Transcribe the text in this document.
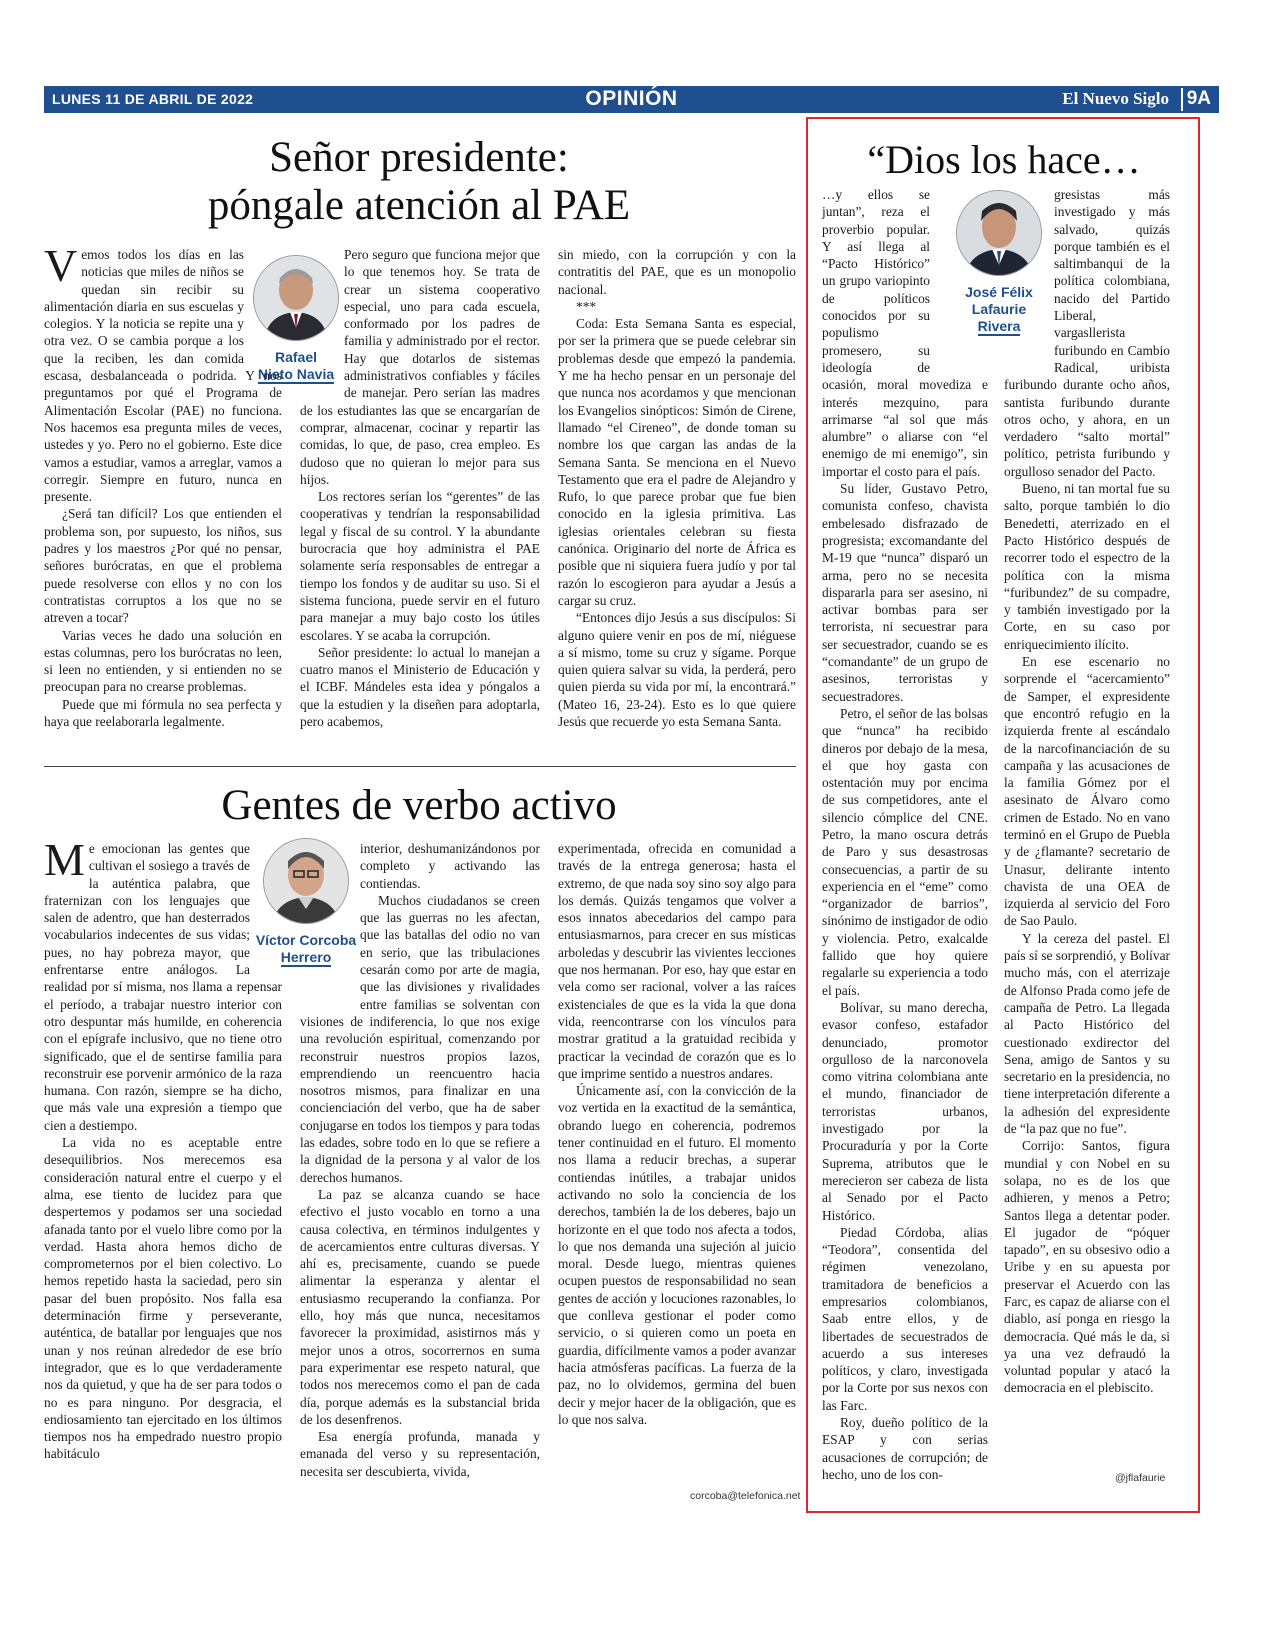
LUNES 11 DE ABRIL DE 2022	OPINIÓN	El Nuevo Siglo 9A
Señor presidente:
póngale atención al PAE
Rafael
Nieto Navia

Vemos todos los días en las noticias que miles de niños se quedan sin recibir su alimentación diaria en sus escuelas y colegios. Y la noticia se repite una y otra vez. O se cambia porque a los que la reciben, les dan comida escasa, desbalanceada o podrida. Y nos preguntamos por qué el Programa de Alimentación Escolar (PAE) no funciona. Nos hacemos esa pregunta miles de veces, ustedes y yo. Pero no el gobierno. Este dice vamos a estudiar, vamos a arreglar, vamos a corregir. Siempre en futuro, nunca en presente.

¿Será tan difícil? Los que entienden el problema son, por supuesto, los niños, sus padres y los maestros ¿Por qué no pensar, señores burócratas, en que el problema puede resolverse con ellos y no con los contratistas corruptos a los que no se atreven a tocar?

Varias veces he dado una solución en estas columnas, pero los burócratas no leen, si leen no entienden, y si entienden no se preocupan para no crearse problemas.

Puede que mi fórmula no sea perfecta y haya que reelaborarla legalmente.

Pero seguro que funciona mejor que lo que tenemos hoy. Se trata de crear un sistema cooperativo especial, uno para cada escuela, conformado por los padres de familia y administrado por el rector. Hay que dotarlos de sistemas administrativos confiables y fáciles de manejar. Pero serían las madres de los estudiantes las que se encargarían de comprar, almacenar, cocinar y repartir las comidas, lo que, de paso, crea empleo. Es dudoso que no quieran lo mejor para sus hijos.

Los rectores serían los “gerentes” de las cooperativas y tendrían la responsabilidad legal y fiscal de su control. Y la abundante burocracia que hoy administra el PAE solamente sería responsables de entregar a tiempo los fondos y de auditar su uso. Si el sistema funciona, puede servir en el futuro para manejar a muy bajo costo los útiles escolares. Y se acaba la corrupción.

Señor presidente: lo actual lo manejan a cuatro manos el Ministerio de Educación y el ICBF. Mándeles esta idea y póngalos a que la estudien y la diseñen para adoptarla, pero acabemos,

sin miedo, con la corrupción y con la contratitis del PAE, que es un monopolio nacional.

***

Coda: Esta Semana Santa es especial, por ser la primera que se puede celebrar sin problemas desde que empezó la pandemia. Y me ha hecho pensar en un personaje del que nunca nos acordamos y que mencionan los Evangelios sinópticos: Simón de Cirene, llamado “el Cireneo”, de donde toman su nombre los que cargan las andas de la Semana Santa. Se menciona en el Nuevo Testamento que era el padre de Alejandro y Rufo, lo que parece probar que fue bien conocido en la iglesia primitiva. Las iglesias orientales celebran su fiesta canónica. Originario del norte de África es posible que ni siquiera fuera judío y por tal razón lo escogieron para ayudar a Jesús a cargar su cruz.

“Entonces dijo Jesús a sus discípulos: Si alguno quiere venir en pos de mí, niéguese a sí mismo, tome su cruz y sígame. Porque quien quiera salvar su vida, la perderá, pero quien pierda su vida por mí, la encontrará.” (Mateo 16, 23-24). Esto es lo que quiere Jesús que recuerde yo esta Semana Santa.

Gentes de verbo activo
Víctor Corcoba
Herrero

Me emocionan las gentes que cultivan el sosiego a través de la auténtica palabra, que fraternizan con los lenguajes que salen de adentro, que han desterrados vocabularios indecentes de sus vidas; pues, no hay pobreza mayor, que enfrentarse entre análogos. La realidad por sí misma, nos llama a repensar el período, a trabajar nuestro interior con otro despuntar más humilde, en coherencia con el epígrafe inclusivo, que no tiene otro significado, que el de sentirse familia para reconstruir ese porvenir armónico de la raza humana. Con razón, siempre se ha dicho, que más vale una expresión a tiempo que cien a destiempo.

La vida no es aceptable entre desequilibrios. Nos merecemos esa consideración natural entre el cuerpo y el alma, ese tiento de lucidez para que despertemos y podamos ser una sociedad afanada tanto por el vuelo libre como por la verdad. Hasta ahora hemos dicho de comprometernos por el bien colectivo. Lo hemos repetido hasta la saciedad, pero sin pasar del buen propósito. Nos falla esa determinación firme y perseverante, auténtica, de batallar por lenguajes que nos unan y nos reúnan alrededor de ese brío integrador, que es lo que verdaderamente nos da quietud, y que ha de ser para todos o no es para ninguno. Por desgracia, el endiosamiento tan ejercitado en los últimos tiempos nos ha empedrado nuestro propio habitáculo

interior, deshumanizándonos por completo y activando las contiendas.

Muchos ciudadanos se creen que las guerras no les afectan, que las batallas del odio no van en serio, que las tribulaciones cesarán como por arte de magia, que las divisiones y rivalidades entre familias se solventan con visiones de indiferencia, lo que nos exige una revolución espiritual, comenzando por reconstruir nuestros propios lazos, emprendiendo un reencuentro hacia nosotros mismos, para finalizar en una concienciación del verbo, que ha de saber conjugarse en todos los tiempos y para todas las edades, sobre todo en lo que se refiere a la dignidad de la persona y al valor de los derechos humanos.

La paz se alcanza cuando se hace efectivo el justo vocablo en torno a una causa colectiva, en términos indulgentes y de acercamientos entre culturas diversas. Y ahí es, precisamente, cuando se puede alimentar la esperanza y alentar el entusiasmo recuperando la confianza. Por ello, hoy más que nunca, necesitamos favorecer la proximidad, asistirnos más y mejor unos a otros, socorrernos en suma para experimentar ese respeto natural, que todos nos merecemos como el pan de cada día, porque además es la substancial brida de los desenfrenos.

Esa energía profunda, manada y emanada del verso y su representación, necesita ser descubierta, vivida,

experimentada, ofrecida en comunidad a través de la entrega generosa; hasta el extremo, de que nada soy sino soy algo para los demás. Quizás tengamos que volver a esos innatos abecedarios del campo para entusiasmarnos, para crecer en sus místicas arboledas y descubrir las vivientes lecciones que nos hermanan. Por eso, hay que estar en vela como ser racional, volver a las raíces existenciales de que es la vida la que dona vida, reencontrarse con los vínculos para mostrar gratitud a la gratuidad recibida y practicar la vecindad de corazón que es lo que imprime sentido a nuestros andares.

Únicamente así, con la convicción de la voz vertida en la exactitud de la semántica, obrando luego en coherencia, podremos tener continuidad en el futuro. El momento nos llama a reducir brechas, a superar contiendas inútiles, a trabajar unidos activando no solo la conciencia de los derechos, también la de los deberes, bajo un horizonte en el que todo nos afecta a todos, lo que nos demanda una sujeción al juicio moral. Desde luego, mientras quienes ocupen puestos de responsabilidad no sean gentes de acción y locuciones razonables, lo que conlleva gestionar el poder como servicio, o si quieren como un poeta en guardia, difícilmente vamos a poder avanzar hacia atmósferas pacíficas. La fuerza de la paz, no lo olvidemos, germina del buen decir y mejor hacer de la obligación, que es lo que nos salva.

corcoba@telefonica.net
“Dios los hace…
José Félix
Lafaurie
Rivera

…y ellos se juntan”, reza el proverbio popular. Y así llega al “Pacto Histórico” un grupo variopinto de políticos conocidos por su populismo promesero, su ideología de ocasión, moral movediza e interés mezquino, para arrimarse “al sol que más alumbre” o aliarse con “el enemigo de mi enemigo”, sin importar el costo para el país.

Su líder, Gustavo Petro, comunista confeso, chavista embelesado disfrazado de progresista; excomandante del M-19 que “nunca” disparó un arma, pero no se necesita dispararla para ser asesino, ni activar bombas para ser terrorista, ni secuestrar para ser secuestrador, cuando se es “comandante” de un grupo de asesinos, terroristas y secuestradores.

Petro, el señor de las bolsas que “nunca” ha recibido dineros por debajo de la mesa, el que hoy gasta con ostentación muy por encima de sus competidores, ante el silencio cómplice del CNE. Petro, la mano oscura detrás de Paro y sus desastrosas consecuencias, a partir de su experiencia en el “eme” como “organizador de barrios”, sinónimo de instigador de odio y violencia. Petro, exalcalde fallido que hoy quiere regalarle su experiencia a todo el país.

Bolívar, su mano derecha, evasor confeso, estafador denunciado, promotor orgulloso de la narconovela como vitrina colombiana ante el mundo, financiador de terroristas urbanos, investigado por la Procuraduría y por la Corte Suprema, atributos que le merecieron ser cabeza de lista al Senado por el Pacto Histórico.

Piedad Córdoba, alias “Teodora”, consentida del régimen venezolano, tramitadora de beneficios a empresarios colombianos, Saab entre ellos, y de libertades de secuestrados de acuerdo a sus intereses políticos, y claro, investigada por la Corte por sus nexos con las Farc.

Roy, dueño político de la ESAP y con serias acusaciones de corrupción; de hecho, uno de los con-

gresistas más investigado y más salvado, quizás porque también es el saltimbanqui de la política colombiana, nacido del Partido Liberal, vargasllerista furibundo en Cambio Radical, uribista furibundo durante ocho años, santista furibundo durante otros ocho, y ahora, en un verdadero “salto mortal” político, petrista furibundo y orgulloso senador del Pacto.

Bueno, ni tan mortal fue su salto, porque también lo dio Benedetti, aterrizado en el Pacto Histórico después de recorrer todo el espectro de la política con la misma “furibundez” de su compadre, y también investigado por la Corte, en su caso por enriquecimiento ilícito.

En ese escenario no sorprende el “acercamiento” de Samper, el expresidente que encontró refugio en la izquierda frente al escándalo de la narcofinanciación de su campaña y las acusaciones de la familia Gómez por el asesinato de Álvaro como crimen de Estado. No en vano terminó en el Grupo de Puebla y de ¿flamante? secretario de Unasur, delirante intento chavista de una OEA de izquierda al servicio del Foro de Sao Paulo.

Y la cereza del pastel. El país sí se sorprendió, y Bolívar mucho más, con el aterrizaje de Alfonso Prada como jefe de campaña de Petro. La llegada al Pacto Histórico del cuestionado exdirector del Sena, amigo de Santos y su secretario en la presidencia, no tiene interpretación diferente a la adhesión del expresidente de “la paz que no fue”.

Corrijo: Santos, figura mundial y con Nobel en su solapa, no es de los que adhieren, y menos a Petro; Santos llega a detentar poder. El jugador de “póquer tapado”, en su obsesivo odio a Uribe y en su apuesta por preservar el Acuerdo con las Farc, es capaz de aliarse con el diablo, así ponga en riesgo la democracia. Qué más le da, si ya una vez defraudó la voluntad popular y atacó la democracia en el plebiscito.

@jflafaurie
